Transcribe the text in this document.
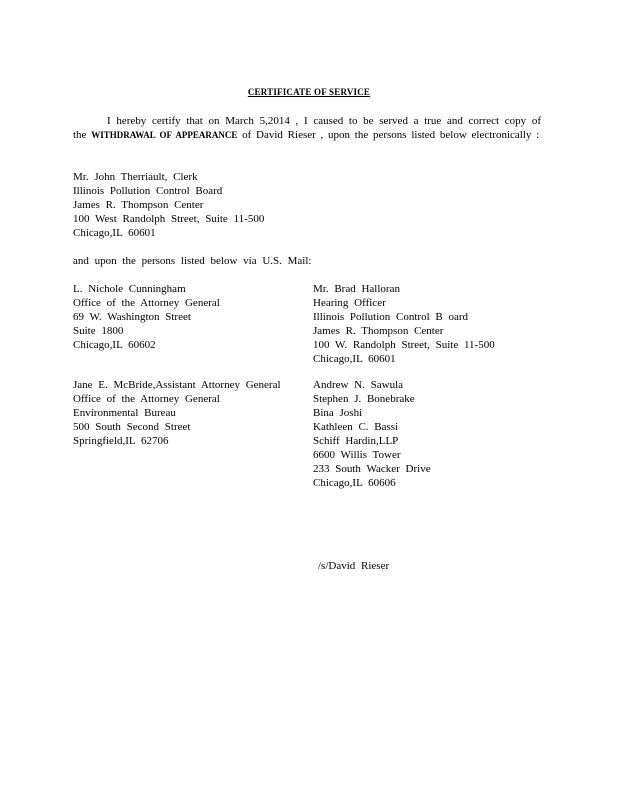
CERTIFICATE OF SERVICE
I hereby certify that on March 5,2014 , I caused to be served a true and correct copy of the WITHDRAWAL OF APPEARANCE of David Rieser , upon the persons listed below electronically :
Mr. John Therriault, Clerk
Illinois Pollution Control Board
James R. Thompson Center
100 West Randolph Street, Suite 11-500
Chicago,IL 60601
and upon the persons listed below via U.S. Mail:
L. Nichole Cunningham
Office of the Attorney General
69 W. Washington Street
Suite 1800
Chicago,IL 60602
Mr. Brad Halloran
Hearing Officer
Illinois Pollution Control B oard
James R. Thompson Center
100 W. Randolph Street, Suite 11-500
Chicago,IL 60601
Jane E. McBride,Assistant Attorney General
Office of the Attorney General
Environmental Bureau
500 South Second Street
Springfield,IL 62706
Andrew N. Sawula
Stephen J. Bonebrake
Bina Joshi
Kathleen C. Bassi
Schiff Hardin,LLP
6600 Willis Tower
233 South Wacker Drive
Chicago,IL 60606
/s/David Rieser
